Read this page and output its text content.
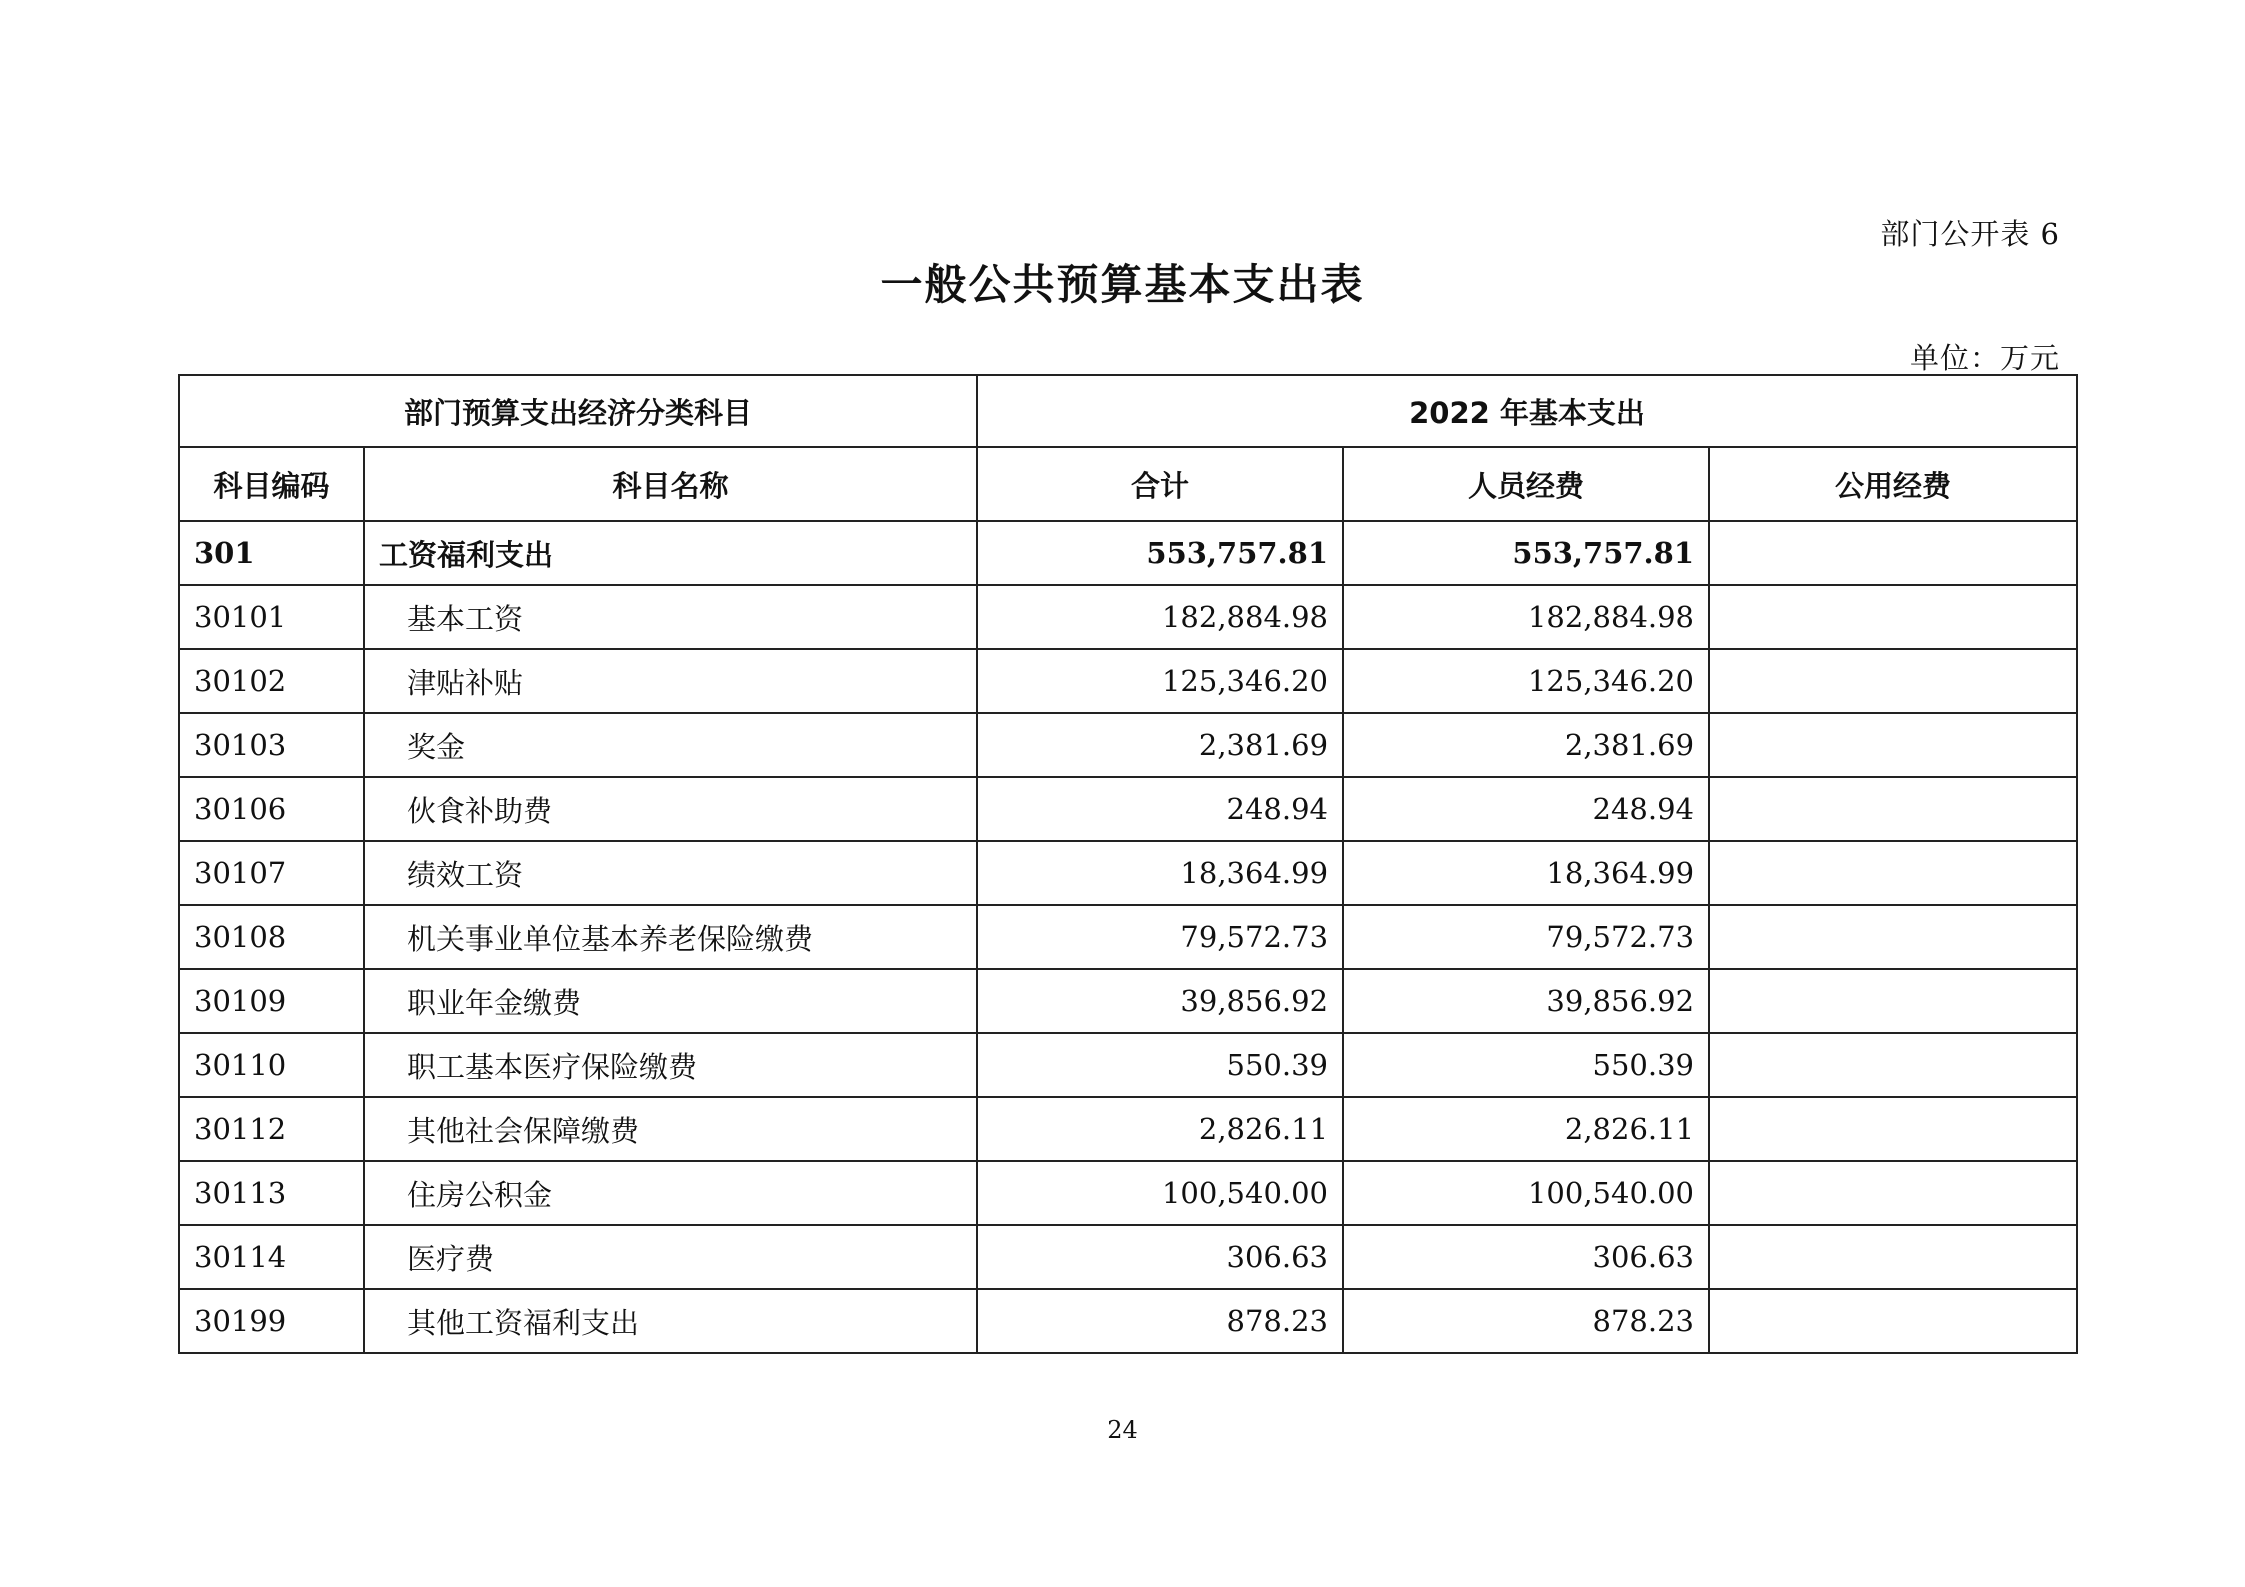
部门公开表 6
一般公共预算基本支出表
单位：万元
部门预算支出经济分类科目		2022 年基本支出		
科目编码	科目名称	合计	人员经费	公用经费
301	工资福利支出	553,757.81	553,757.81	
30101	基本工资	182,884.98	182,884.98	
30102	津贴补贴	125,346.20	125,346.20	
30103	奖金	2,381.69	2,381.69	
30106	伙食补助费	248.94	248.94	
30107	绩效工资	18,364.99	18,364.99	
30108	机关事业单位基本养老保险缴费	79,572.73	79,572.73	
30109	职业年金缴费	39,856.92	39,856.92	
30110	职工基本医疗保险缴费	550.39	550.39	
30112	其他社会保障缴费	2,826.11	2,826.11	
30113	住房公积金	100,540.00	100,540.00	
30114	医疗费	306.63	306.63	
30199	其他工资福利支出	878.23	878.23	
24
